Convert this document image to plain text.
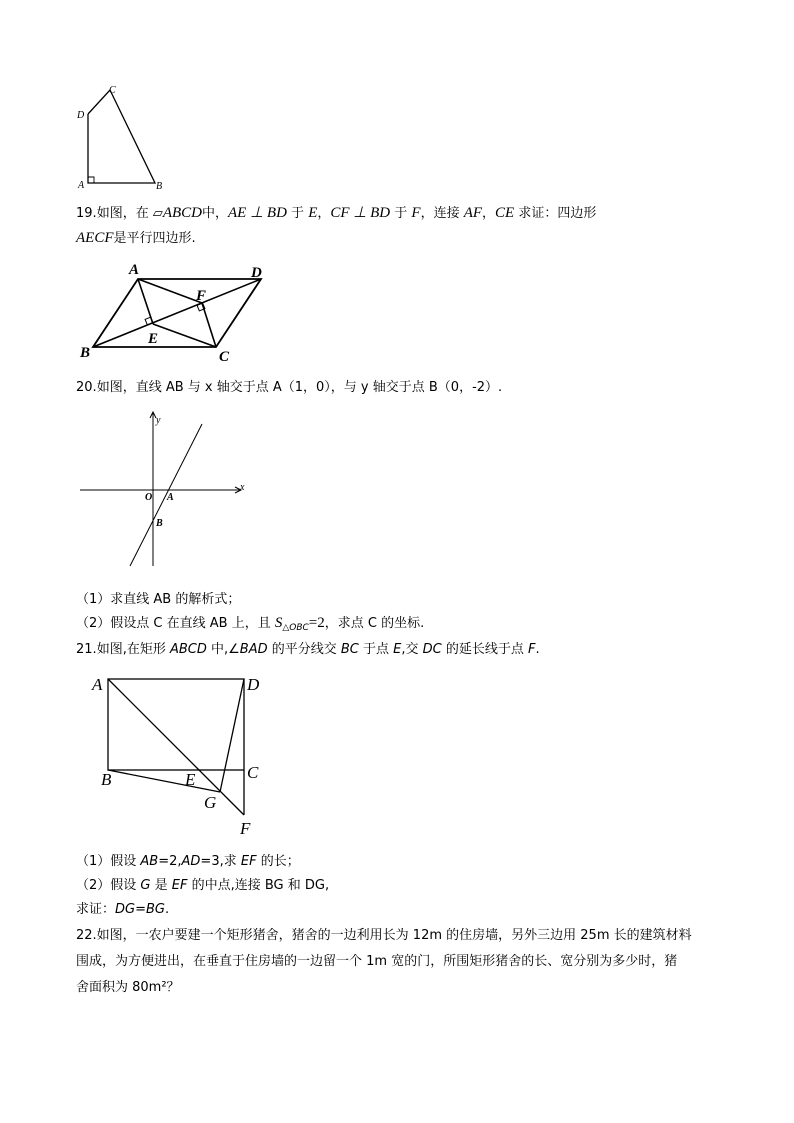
C
D
A	B
19.如图，在 ▱ABCD中，AE ⊥ BD 于 E，CF ⊥ BD 于 F，连接 AF，CE 求证：四边形
AECF是平行四边形.
A	D
F
E
B	C
20.如图，直线 AB 与 x 轴交于点 A（1，0），与 y 轴交于点 B（0，-2）.
y
x
O A
B
（1）求直线 AB 的解析式；
（2）假设点 C 在直线 AB 上，且 $S_{\triangle OBC}=2$，求点 C 的坐标.
21.如图,在矩形 ABCD 中,∠BAD 的平分线交 BC 于点 E,交 DC 的延长线于点 F.
A	D
B	E	C
G
F
（1）假设 AB=2,AD=3,求 EF 的长；
（2）假设 G 是 EF 的中点,连接 BG 和 DG,
求证：DG=BG.
22.如图，一农户要建一个矩形猪舍，猪舍的一边利用长为 12m 的住房墙，另外三边用 25m 长的建筑材料
围成，为方便进出，在垂直于住房墙的一边留一个 1m 宽的门，所围矩形猪舍的长、宽分别为多少时，猪
舍面积为 80m²？
